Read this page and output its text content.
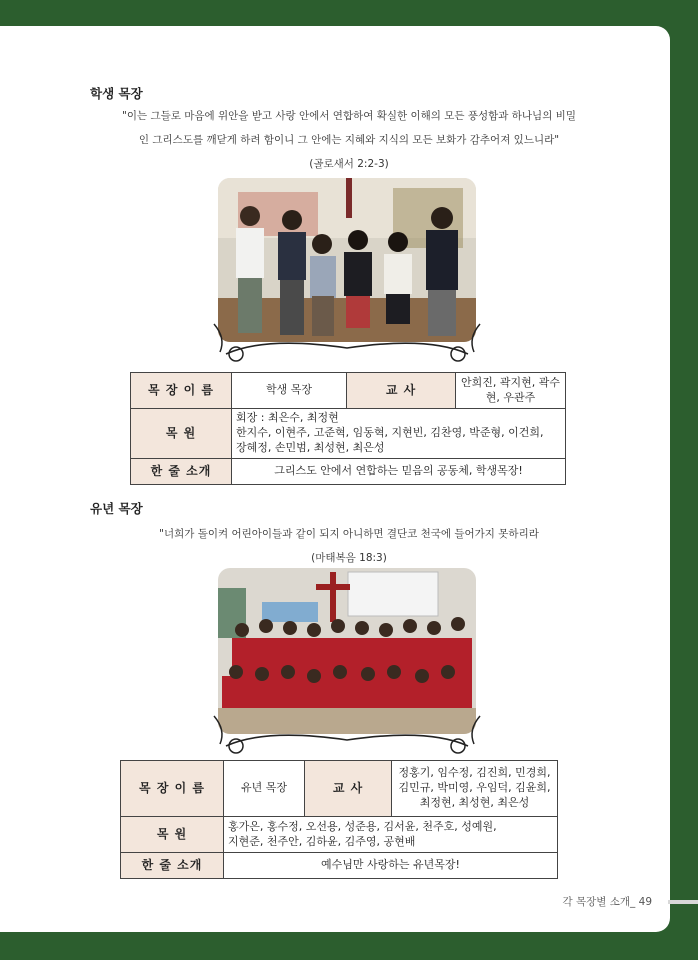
학생 목장
"이는 그들로 마음에 위안을 받고 사랑 안에서 연합하여 확실한 이해의 모든 풍성함과 하나님의 비밀
인 그리스도를 깨닫게 하려 함이니 그 안에는 지혜와 지식의 모든 보화가 감추어져 있느니라"
(골로새서 2:2-3)
목 장 이 름	학생 목장	교 사	안희진, 곽지현, 곽수현, 우관주
목 원	회장 : 최은수, 최정현
한지수, 이현주, 고준혁, 임동혁, 지현빈, 김찬영, 박준형, 이건희,
장혜정, 손민범, 최성현, 최은성		

한 줄 소개	그리스도 안에서 연합하는 믿음의 공동체, 학생목장!		
유년 목장
"너희가 돌이켜 어린아이들과 같이 되지 아니하면 결단코 천국에 들어가지 못하리라
(마태복음 18:3)
목 장 이 름	유년 목장	교 사	정홍기, 임수정, 김진희, 민경희,
김민규, 박미영, 우임덕, 김윤희,
최정현, 최성현, 최은성

목 원	홍가은, 홍수정, 오선용, 성준용, 김서윤, 천주호, 성예원,
지현준, 천주안, 김하윤, 김주영, 공현배		

한 줄 소개	예수님만 사랑하는 유년목장!		
각 목장별 소개_ 49
